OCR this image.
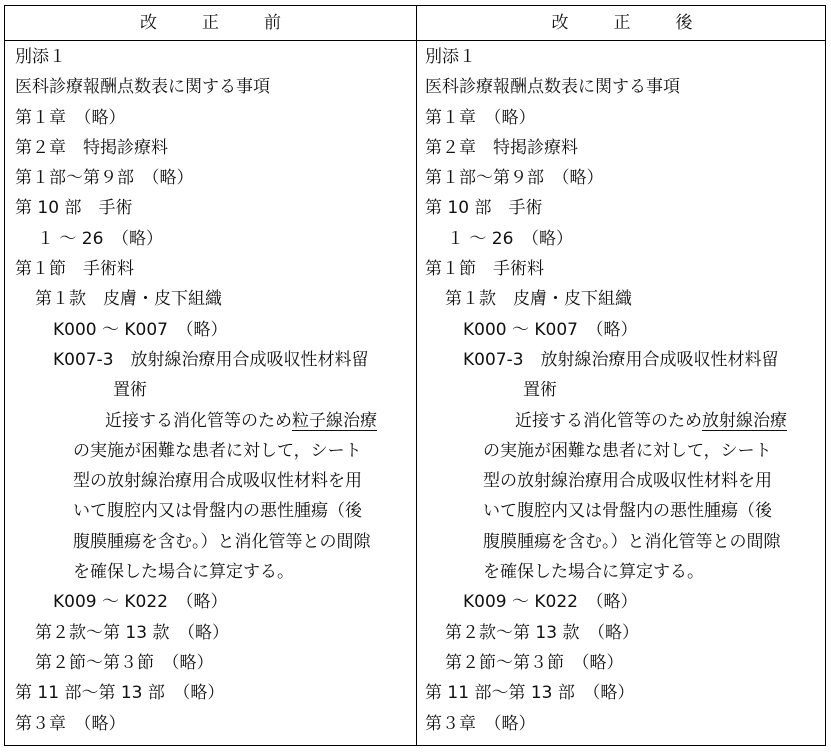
改　正　前	改　正　後
別添１
医科診療報酬点数表に関する事項
第１章　（略）
第２章　特掲診療料
第１部～第９部　（略）
第 10 部　手術
１ ～ 26　（略）
第１節　手術料
第１款　皮膚・皮下組織
K000 ～ K007　（略）
K007-3　放射線治療用合成吸収性材料留
置術
近接する消化管等のため粒子線治療
の実施が困難な患者に対して，シート
型の放射線治療用合成吸収性材料を用
いて腹腔内又は骨盤内の悪性腫瘍（後
腹膜腫瘍を含む。）と消化管等との間隙
を確保した場合に算定する。
K009 ～ K022　（略）
第２款～第 13 款　（略）
第２節～第３節　（略）
第 11 部～第 13 部　（略）
第３章　（略）
別添１
医科診療報酬点数表に関する事項
第１章　（略）
第２章　特掲診療料
第１部～第９部　（略）
第 10 部　手術
１ ～ 26　（略）
第１節　手術料
第１款　皮膚・皮下組織
K000 ～ K007　（略）
K007-3　放射線治療用合成吸収性材料留
置術
近接する消化管等のため放射線治療
の実施が困難な患者に対して，シート
型の放射線治療用合成吸収性材料を用
いて腹腔内又は骨盤内の悪性腫瘍（後
腹膜腫瘍を含む。）と消化管等との間隙
を確保した場合に算定する。
K009 ～ K022　（略）
第２款～第 13 款　（略）
第２節～第３節　（略）
第 11 部～第 13 部　（略）
第３章　（略）
